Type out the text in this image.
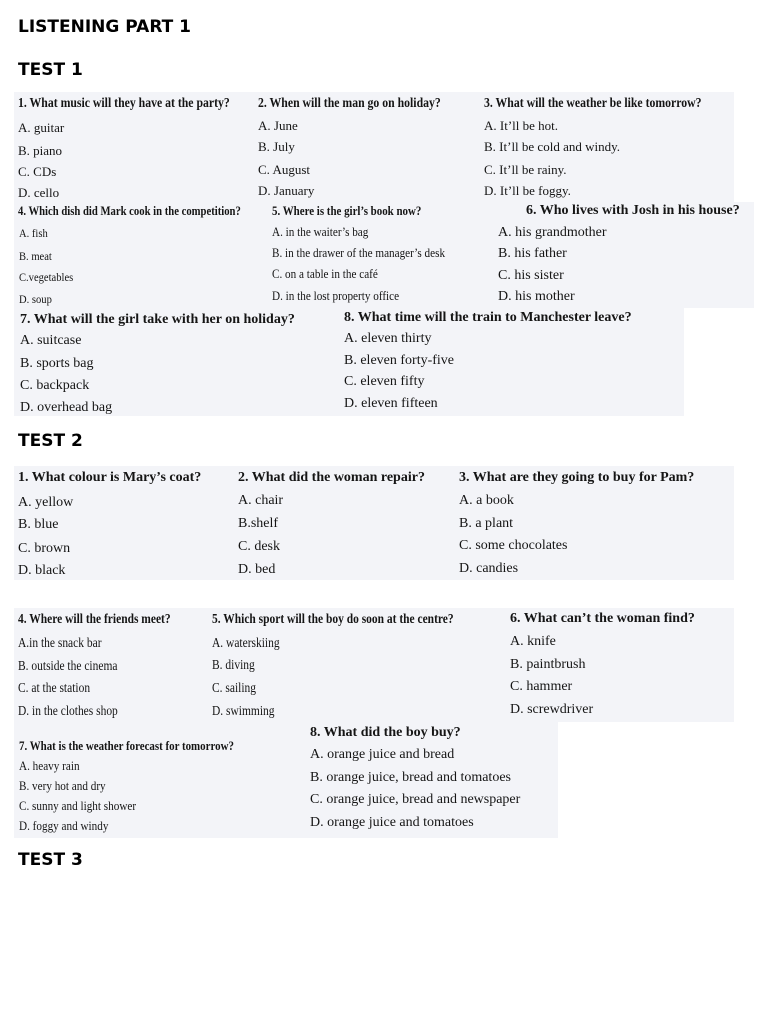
LISTENING PART 1
TEST 1
TEST 2
TEST 3
1. What music will they have at the party?
A. guitar
B. piano
C. CDs
D. cello
2. When will the man go on holiday?
A. June
B. July
C. August
D. January
3. What will the weather be like tomorrow?
A. It’ll be hot.
B. It’ll be cold and windy.
C. It’ll be rainy.
D. It’ll be foggy.
4. Which dish did Mark cook in the competition?
A. fish
B. meat
C.vegetables
D. soup
5. Where is the girl’s book now?
A. in the waiter’s bag
B. in the drawer of the manager’s desk
C. on a table in the café
D. in the lost property office
6. Who lives with Josh in his house?
A. his grandmother
B. his father
C. his sister
D. his mother
7. What will the girl take with her on holiday?
A. suitcase
B. sports bag
C. backpack
D. overhead bag
8. What time will the train to Manchester leave?
A. eleven thirty
B. eleven forty-five
C. eleven fifty
D. eleven fifteen
1. What colour is Mary’s coat?
A. yellow
B. blue
C. brown
D. black
2. What did the woman repair?
A. chair
B.shelf
C. desk
D. bed
3. What are they going to buy for Pam?
A. a book
B. a plant
C. some chocolates
D. candies
4. Where will the friends meet?
A.in the snack bar
B. outside the cinema
C. at the station
D. in the clothes shop
5. Which sport will the boy do soon at the centre?
A. waterskiing
B. diving
C. sailing
D. swimming
6. What can’t the woman find?
A. knife
B. paintbrush
C. hammer
D. screwdriver
7. What is the weather forecast for tomorrow?
A. heavy rain
B. very hot and dry
C. sunny and light shower
D. foggy and windy
8. What did the boy buy?
A. orange juice and bread
B. orange juice, bread and tomatoes
C. orange juice, bread and newspaper
D. orange juice and tomatoes
